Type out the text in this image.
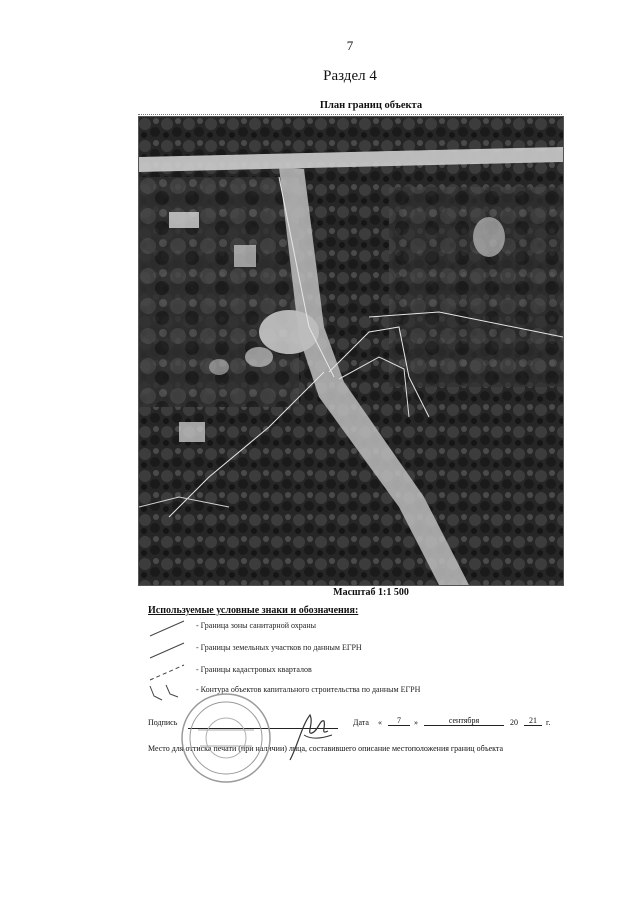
7
Раздел 4
План границ объекта
Масштаб 1:1 500
Используемые условные знаки и обозначения:
- Граница зоны санитарной охраны
- Границы земельных участков по данным ЕГРН
- Границы кадастровых кварталов
- Контура объектов капитального строительства по данным ЕГРН
Подпись	Дата «	7	»	сентября	20	21	г.
Место для оттиска печати (при наличии) лица, составившего описание местоположения границ объекта
